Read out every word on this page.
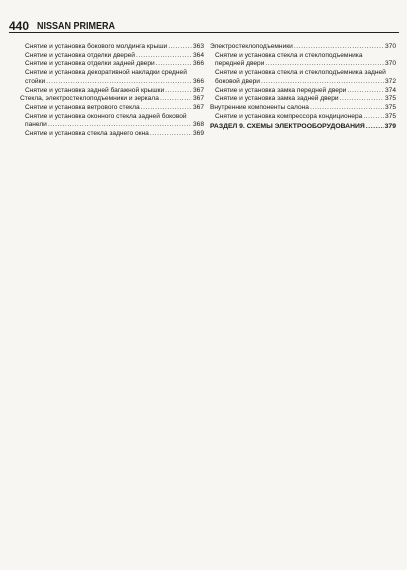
440 NISSAN PRIMERA
Снятие и установка бокового молдинга крыши .....	363
Снятие и установка отделки дверей .....	364
Снятие и установка отделки задней двери .....	366
Снятие и установка декоративной накладки средней
стойки .....	366
Снятие и установка задней багажной крышки .....	367
Стекла, электростеклоподъемники и зеркала .....	367
Снятие и установка ветрового стекла .....	367
Снятие и установка оконного стекла задней боковой
панели .....	368
Снятие и установка стекла заднего окна .....	369
Электростеклоподъемники .....	370
Снятие и установка стекла и стеклоподъемника
передней двери .....	370
Снятие и установка стекла и стеклоподъемника задней
боковой двери .....	372
Снятие и установка замка передней двери .....	374
Снятие и установка замка задней двери .....	375
Внутренние компоненты салона .....	375
Снятие и установка компрессора кондиционера .....	375
РАЗДЕЛ 9. СХЕМЫ ЭЛЕКТРООБОРУДОВАНИЯ .....	379
